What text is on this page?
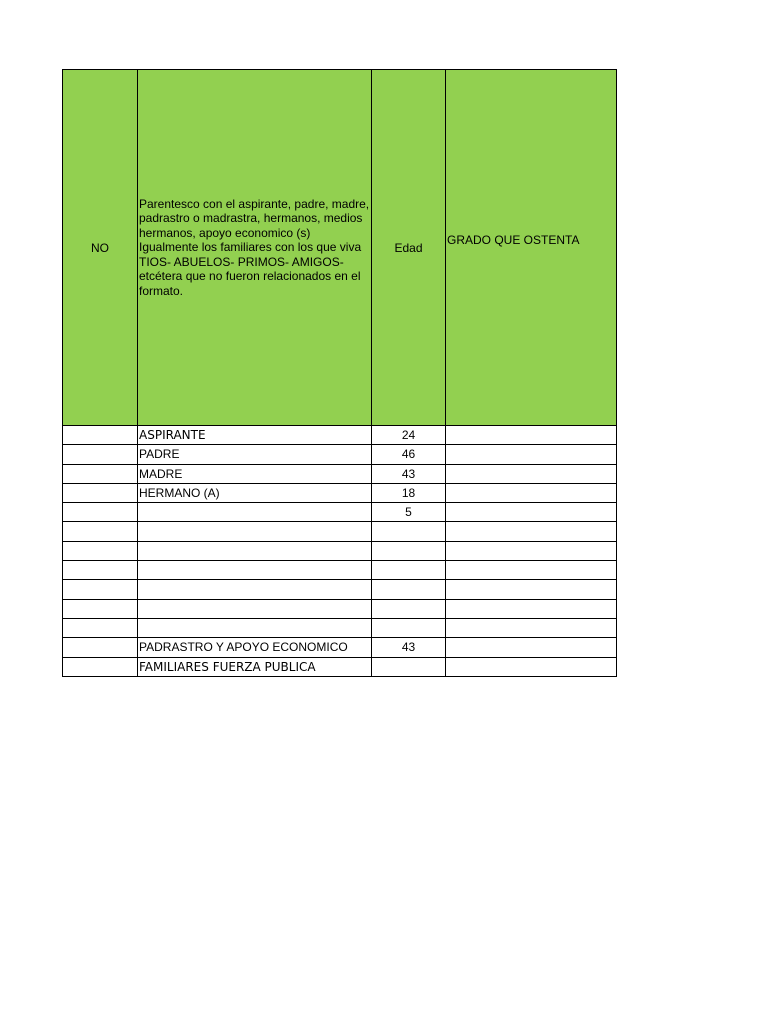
NO	Parentesco con el aspirante, padre, madre, padrastro o madrastra, hermanos, medios hermanos, apoyo economico (s) Igualmente los familiares con los que viva TIOS- ABUELOS- PRIMOS- AMIGOS- etcétera que no fueron relacionados en el formato.	Edad	GRADO QUE OSTENTA
	ASPIRANTE	24	
	PADRE	46	
	MADRE	43	
	HERMANO (A)	18	
		5	

	PADRASTRO Y APOYO ECONOMICO	43	
	FAMILIARES FUERZA PUBLICA		
